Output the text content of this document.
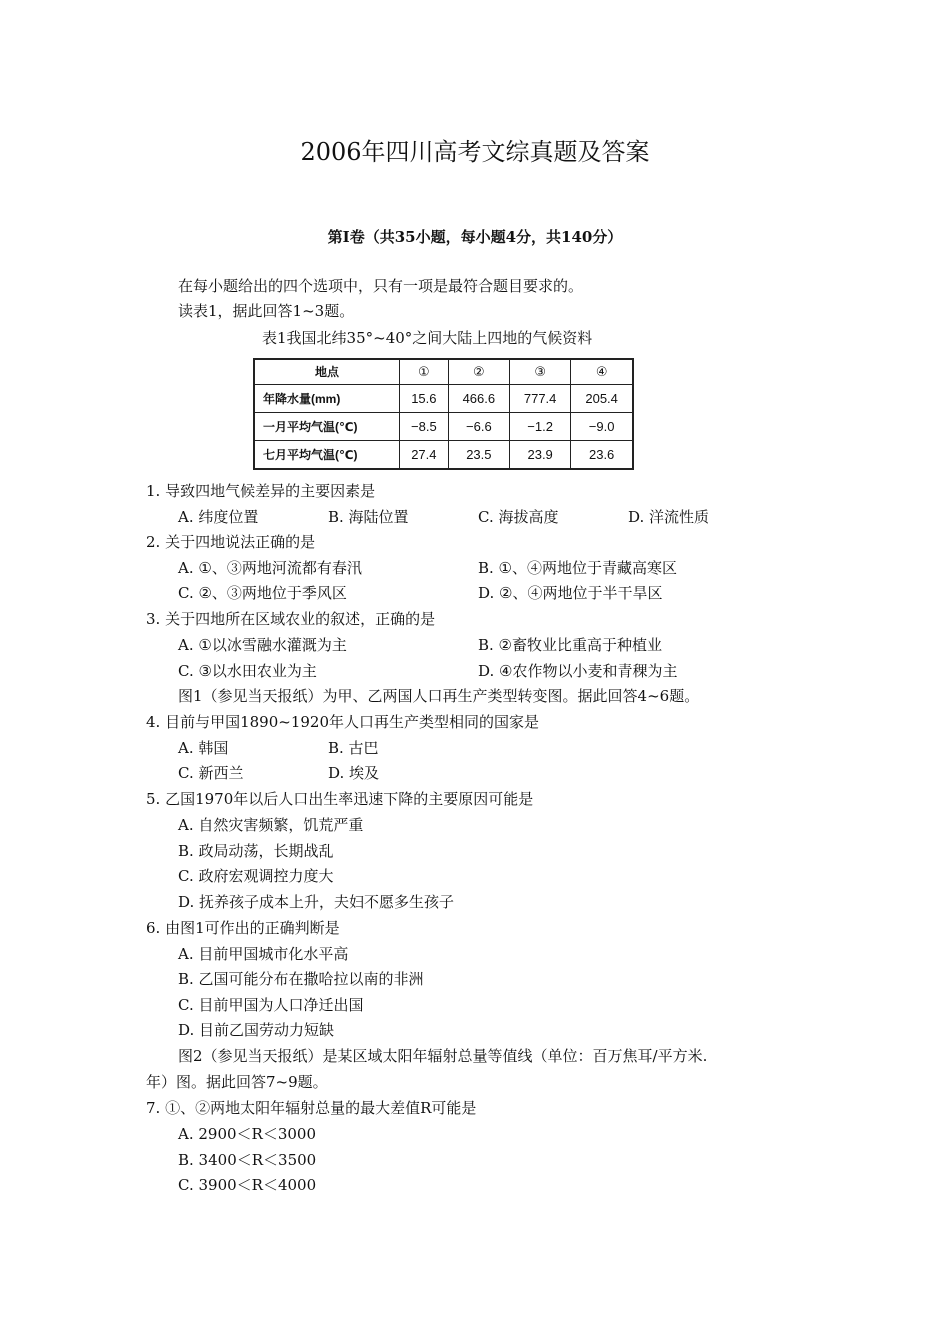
2006年四川高考文综真题及答案
第Ⅰ卷（共35小题，每小题4分，共140分）
在每小题给出的四个选项中，只有一项是最符合题目要求的。
读表1，据此回答1~3题。
表1我国北纬35°~40°之间大陆上四地的气候资料
地点	①	②	③	④
年降水量(mm)	15.6	466.6	777.4	205.4
一月平均气温(℃)	−8.5	−6.6	−1.2	−9.0
七月平均气温(℃)	27.4	23.5	23.9	23.6
1. 导致四地气候差异的主要因素是
A. 纬度位置	B. 海陆位置	C. 海拔高度	D. 洋流性质
2. 关于四地说法正确的是
A. ①、③两地河流都有春汛	B. ①、④两地位于青藏高寒区
C. ②、③两地位于季风区	D. ②、④两地位于半干旱区
3. 关于四地所在区域农业的叙述，正确的是
A. ①以冰雪融水灌溉为主	B. ②畜牧业比重高于种植业
C. ③以水田农业为主	D. ④农作物以小麦和青稞为主
图1（参见当天报纸）为甲、乙两国人口再生产类型转变图。据此回答4~6题。
4. 目前与甲国1890~1920年人口再生产类型相同的国家是
A. 韩国	B. 古巴
C. 新西兰	D. 埃及
5. 乙国1970年以后人口出生率迅速下降的主要原因可能是
A. 自然灾害频繁，饥荒严重
B. 政局动荡，长期战乱
C. 政府宏观调控力度大
D. 抚养孩子成本上升，夫妇不愿多生孩子
6. 由图1可作出的正确判断是
A. 目前甲国城市化水平高
B. 乙国可能分布在撒哈拉以南的非洲
C. 目前甲国为人口净迁出国
D. 目前乙国劳动力短缺
图2（参见当天报纸）是某区域太阳年辐射总量等值线（单位：百万焦耳/平方米.
年）图。据此回答7~9题。
7. ①、②两地太阳年辐射总量的最大差值R可能是
A. 2900＜R＜3000
B. 3400＜R＜3500
C. 3900＜R＜4000
